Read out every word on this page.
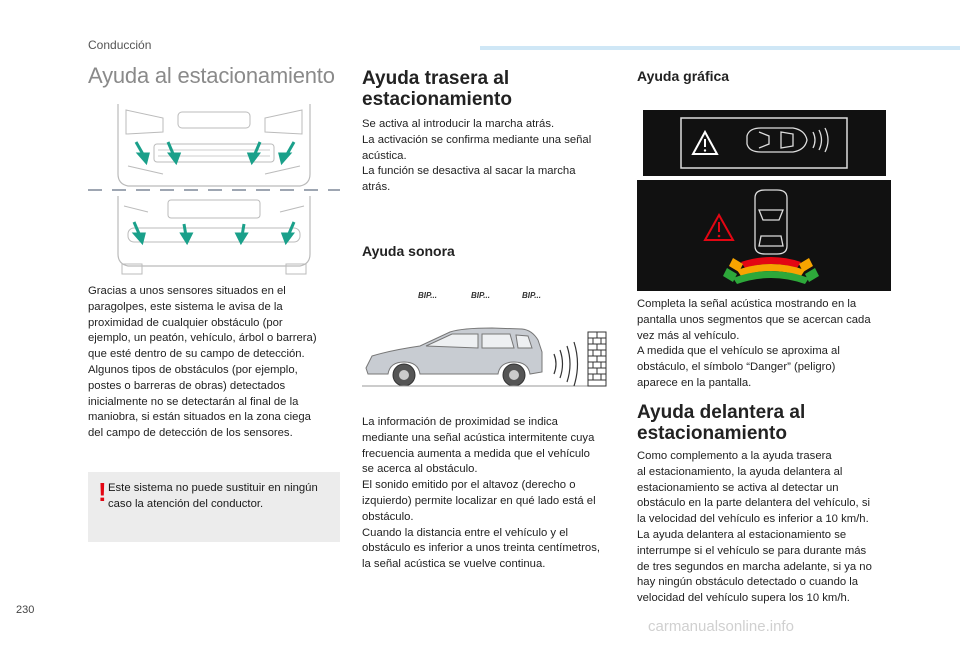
Conducción
Ayuda al estacionamiento

Gracias a unos sensores situados en el

paragolpes, este sistema le avisa de la

proximidad de cualquier obstáculo (por

ejemplo, un peatón, vehículo, árbol o barrera)

que esté dentro de su campo de detección.

Algunos tipos de obstáculos (por ejemplo,

postes o barreras de obras) detectados

inicialmente no se detectarán al final de la

maniobra, si están situados en la zona ciega

del campo de detección de los sensores.

! Este sistema no puede sustituir en ningún

caso la atención del conductor.

Ayuda trasera al
estacionamiento

Se activa al introducir la marcha atrás.

La activación se confirma mediante una señal

acústica.

La función se desactiva al sacar la marcha

atrás.

Ayuda sonora
BIP...	BIP...	BIP...

La información de proximidad se indica

mediante una señal acústica intermitente cuya

frecuencia aumenta a medida que el vehículo

se acerca al obstáculo.

El sonido emitido por el altavoz (derecho o

izquierdo) permite localizar en qué lado está el

obstáculo.

Cuando la distancia entre el vehículo y el

obstáculo es inferior a unos treinta centímetros,

la señal acústica se vuelve continua.

Ayuda gráfica

Completa la señal acústica mostrando en la

pantalla unos segmentos que se acercan cada

vez más al vehículo.

A medida que el vehículo se aproxima al

obstáculo, el símbolo “Danger” (peligro)

aparece en la pantalla.

Ayuda delantera al
estacionamiento

Como complemento a la ayuda trasera

al estacionamiento, la ayuda delantera al

estacionamiento se activa al detectar un

obstáculo en la parte delantera del vehículo, si

la velocidad del vehículo es inferior a 10 km/h.

La ayuda delantera al estacionamiento se

interrumpe si el vehículo se para durante más

de tres segundos en marcha adelante, si ya no

hay ningún obstáculo detectado o cuando la

velocidad del vehículo supera los 10 km/h.

230
carmanualsonline.info
